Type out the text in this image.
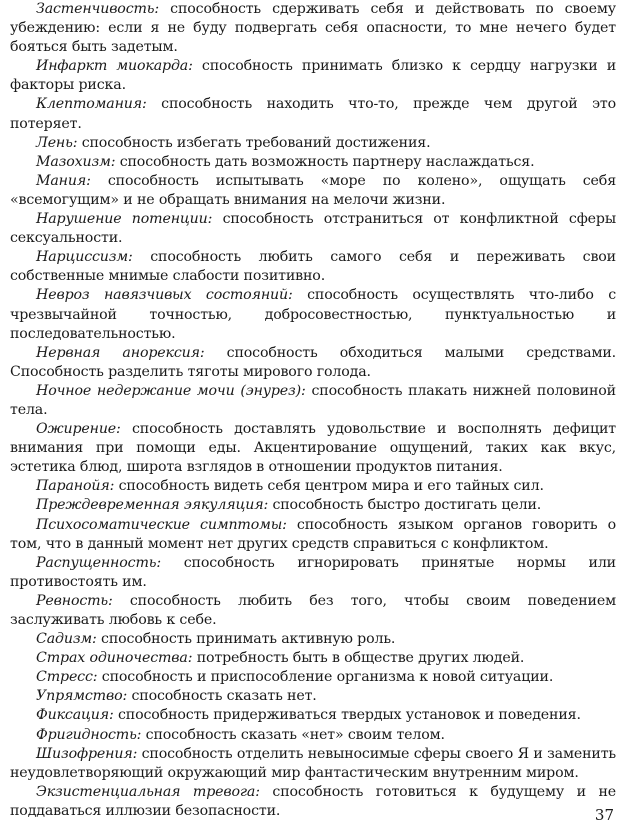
Застенчивость: способность сдерживать себя и действовать по своему убеждению: если я не буду подвергать себя опасности, то мне нечего будет бояться быть задетым.

Инфаркт миокарда: способность принимать близко к сердцу нагрузки и факторы риска.

Клептомания: способность находить что-то, прежде чем другой это потеряет.

Лень: способность избегать требований достижения.

Мазохизм: способность дать возможность партнеру наслаждаться.

Мания: способность испытывать «море по колено», ощущать себя «всемогущим» и не обращать внимания на мелочи жизни.

Нарушение потенции: способность отстраниться от конфликтной сферы сексуальности.

Нарциссизм: способность любить самого себя и переживать свои собственные мнимые слабости позитивно.

Невроз навязчивых состояний: способность осуществлять что-либо с чрезвычайной точностью, добросовестностью, пунктуальностью и последовательностью.

Нервная анорексия: способность обходиться малыми средствами. Способность разделить тяготы мирового голода.

Ночное недержание мочи (энурез): способность плакать нижней половиной тела.

Ожирение: способность доставлять удовольствие и восполнять дефицит внимания при помощи еды. Акцентирование ощущений, таких как вкус, эстетика блюд, широта взглядов в отношении продуктов питания.

Паранойя: способность видеть себя центром мира и его тайных сил.

Преждевременная эякуляция: способность быстро достигать цели.

Психосоматические симптомы: способность языком органов говорить о том, что в данный момент нет других средств справиться с конфликтом.

Распущенность: способность игнорировать принятые нормы или противостоять им.

Ревность: способность любить без того, чтобы своим поведением заслуживать любовь к себе.

Садизм: способность принимать активную роль.

Страх одиночества: потребность быть в обществе других людей.

Стресс: способность и приспособление организма к новой ситуации.

Упрямство: способность сказать нет.

Фиксация: способность придерживаться твердых установок и поведения.

Фригидность: способность сказать «нет» своим телом.

Шизофрения: способность отделить невыносимые сферы своего Я и заменить неудовлетворяющий окружающий мир фантастическим внутренним миром.

Экзистенциальная тревога: способность готовиться к будущему и не поддаваться иллюзии безопасности.	37
